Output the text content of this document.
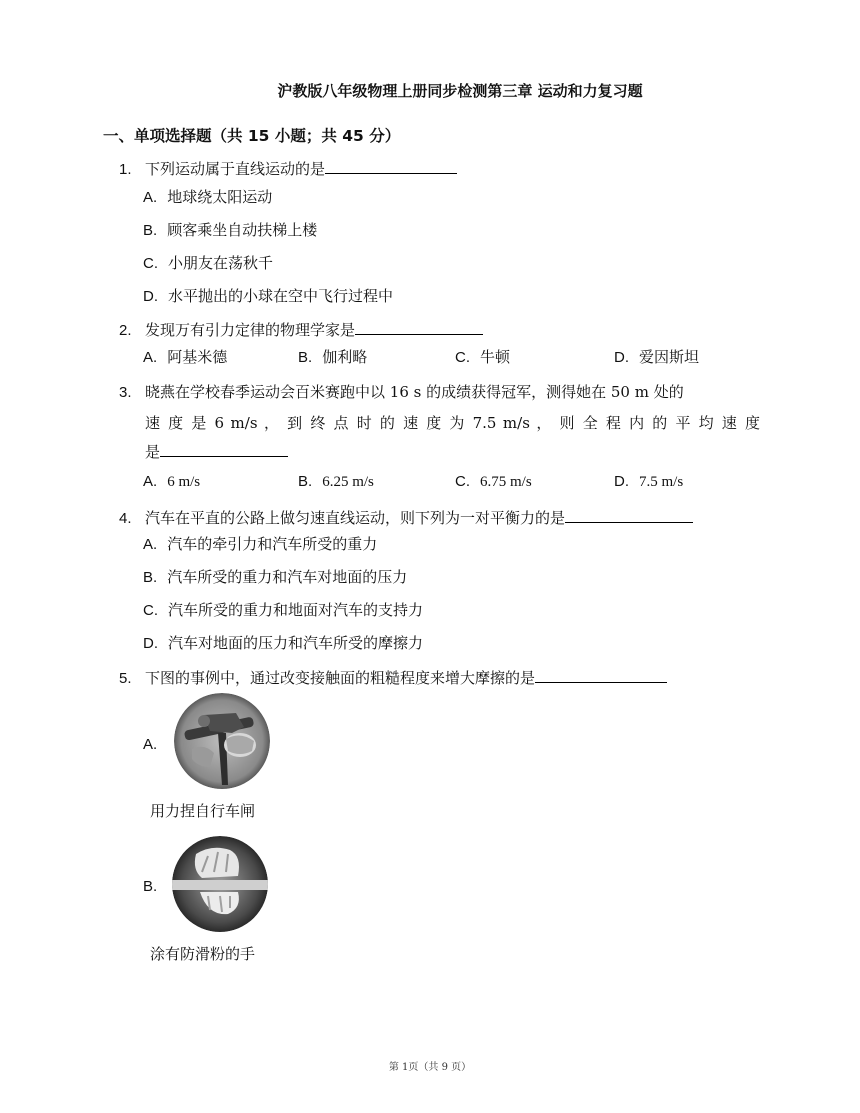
沪教版八年级物理上册同步检测第三章 运动和力复习题
一、单项选择题（共 15 小题；共 45 分）
1. 下列运动属于直线运动的是
A. 地球绕太阳运动
B. 顾客乘坐自动扶梯上楼
C. 小朋友在荡秋千
D. 水平抛出的小球在空中飞行过程中
2. 发现万有引力定律的物理学家是
A. 阿基米德	B. 伽利略	C. 牛顿	D. 爱因斯坦
3. 晓燕在学校春季运动会百米赛跑中以 16 s 的成绩获得冠军，测得她在 50 m 处的
速 度 是 6 m/s ， 到 终 点 时 的 速 度 为 7.5 m/s ， 则 全 程 内 的 平 均 速 度
是
A. 6 m/s	B. 6.25 m/s	C. 6.75 m/s	D. 7.5 m/s
4. 汽车在平直的公路上做匀速直线运动，则下列为一对平衡力的是
A. 汽车的牵引力和汽车所受的重力
B. 汽车所受的重力和汽车对地面的压力
C. 汽车所受的重力和地面对汽车的支持力
D. 汽车对地面的压力和汽车所受的摩擦力
5. 下图的事例中，通过改变接触面的粗糙程度来增大摩擦的是
A.
用力捏自行车闸
B.
涂有防滑粉的手
第 1页（共 9 页）
